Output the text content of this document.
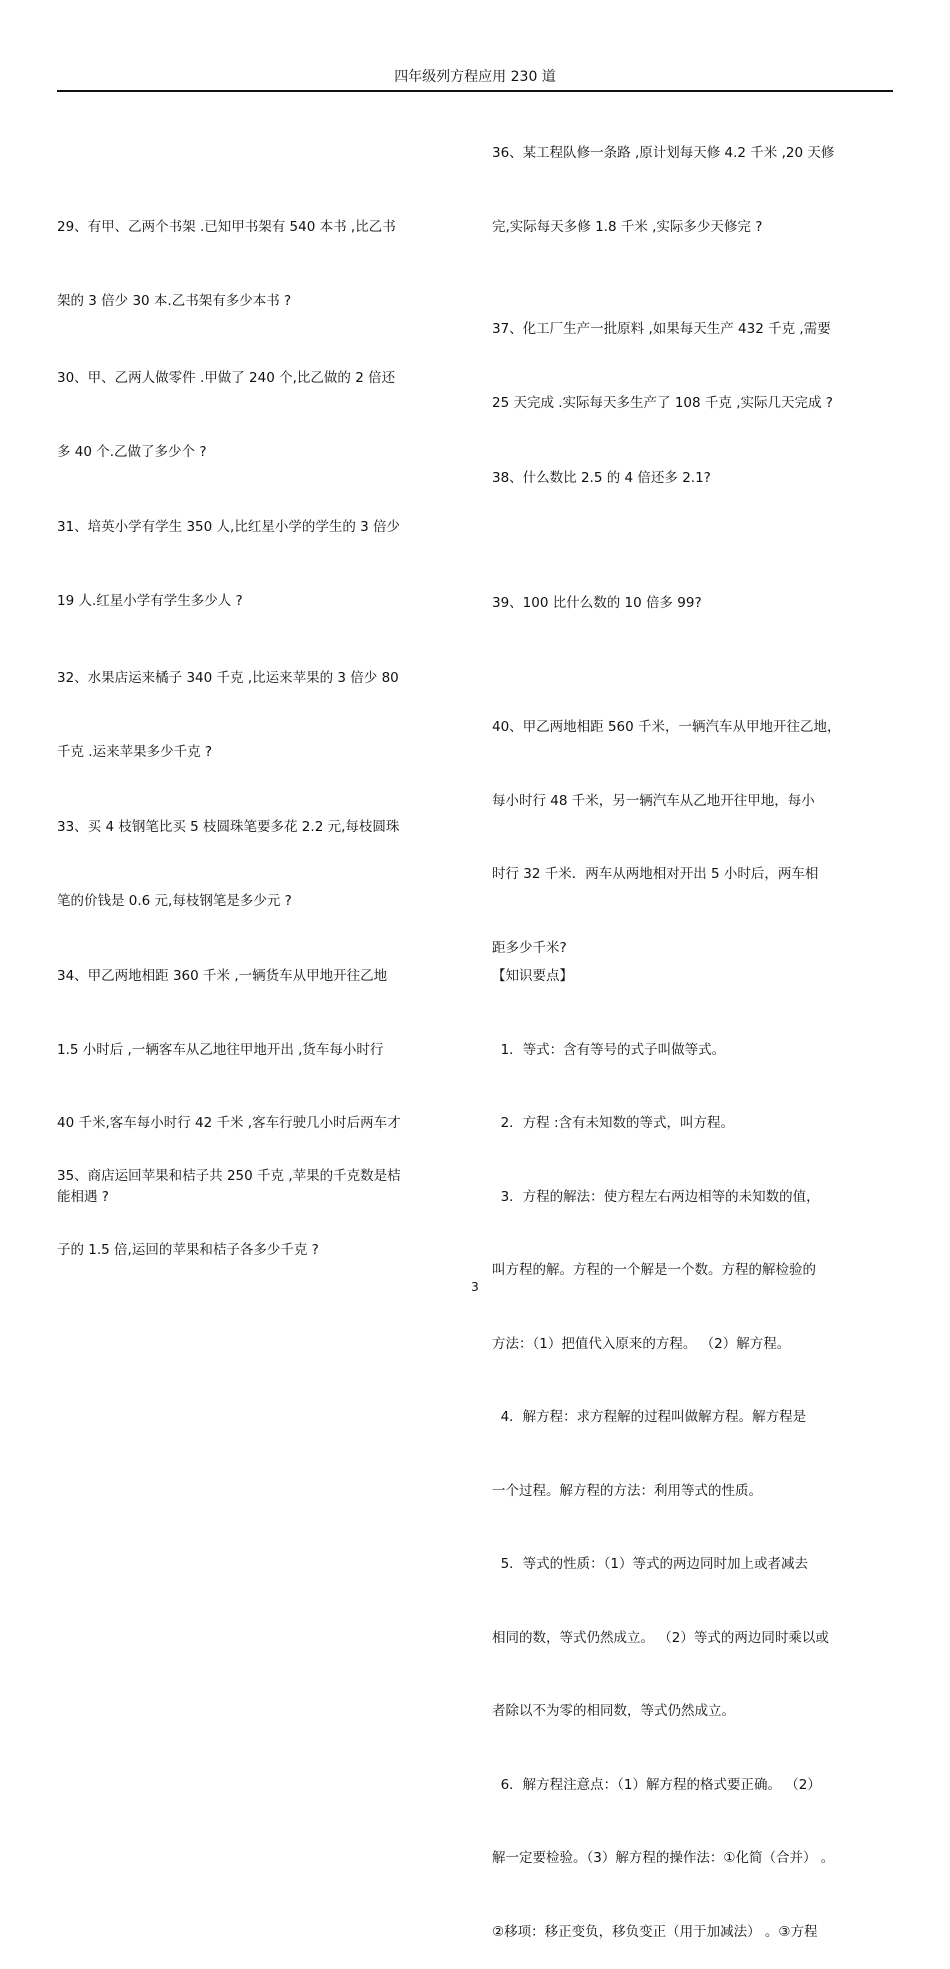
四年级列方程应用 230 道

29、有甲、乙两个书架 .已知甲书架有 540 本书 ,比乙书

架的 3 倍少 30 本.乙书架有多少本书 ?

30、甲、乙两人做零件 .甲做了 240 个,比乙做的 2 倍还

多 40 个.乙做了多少个 ?

31、培英小学有学生 350 人,比红星小学的学生的 3 倍少

19 人.红星小学有学生多少人 ?

32、水果店运来橘子 340 千克 ,比运来苹果的 3 倍少 80

千克 .运来苹果多少千克 ?

33、买 4 枝钢笔比买 5 枝圆珠笔要多花 2.2 元,每枝圆珠

笔的价钱是 0.6 元,每枝钢笔是多少元 ?

34、甲乙两地相距 360 千米 ,一辆货车从甲地开往乙地

1.5 小时后 ,一辆客车从乙地往甲地开出 ,货车每小时行

40 千米,客车每小时行 42 千米 ,客车行驶几小时后两车才

能相遇 ?

35、商店运回苹果和桔子共 250 千克 ,苹果的千克数是桔

子的 1.5 倍,运回的苹果和桔子各多少千克 ?

36、某工程队修一条路 ,原计划每天修 4.2 千米 ,20 天修

完,实际每天多修 1.8 千米 ,实际多少天修完 ?

37、化工厂生产一批原料 ,如果每天生产 432 千克 ,需要

25 天完成 .实际每天多生产了 108 千克 ,实际几天完成 ?

38、什么数比 2.5 的 4 倍还多 2.1?

39、100 比什么数的 10 倍多 99?

40、甲乙两地相距 560 千米，一辆汽车从甲地开往乙地，

每小时行 48 千米，另一辆汽车从乙地开往甲地，每小

时行 32 千米．两车从两地相对开出 5 小时后，两车相

距多少千米?

【知识要点】

1．等式：含有等号的式子叫做等式。

2．方程 :含有未知数的等式，叫方程。

3．方程的解法：使方程左右两边相等的未知数的值，

叫方程的解。方程的一个解是一个数。方程的解检验的

方法：（1）把值代入原来的方程。 （2）解方程。

4．解方程：求方程解的过程叫做解方程。解方程是

一个过程。解方程的方法：利用等式的性质。

5．等式的性质：（1）等式的两边同时加上或者减去

相同的数，等式仍然成立。 （2）等式的两边同时乘以或

者除以不为零的相同数，等式仍然成立。

6．解方程注意点：（1）解方程的格式要正确。 （2）

解一定要检验。（3）解方程的操作法：①化简（合并） 。

②移项：移正变负，移负变正（用于加减法） 。③方程

3
